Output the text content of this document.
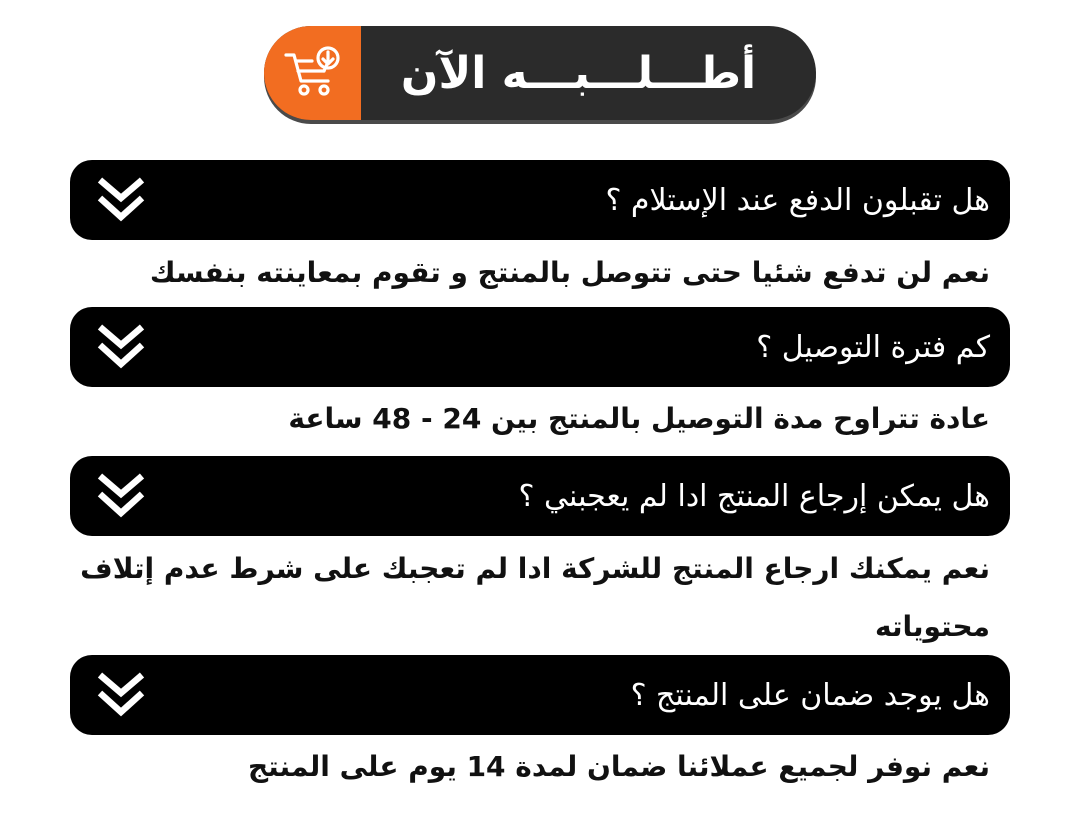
أطـــلـــبـــه الآن
هل تقبلون الدفع عند الإستلام ؟
نعم لن تدفع شئيا حتى تتوصل بالمنتج و تقوم بمعاينته بنفسك
كم فترة التوصيل ؟
عادة تتراوح مدة التوصيل بالمنتج بين 24 - 48 ساعة
هل يمكن إرجاع المنتج ادا لم يعجبني ؟
نعم يمكنك ارجاع المنتج للشركة ادا لم تعجبك على شرط عدم إتلاف محتوياته
هل يوجد ضمان على المنتج ؟
نعم نوفر لجميع عملائنا ضمان لمدة 14 يوم على المنتج
